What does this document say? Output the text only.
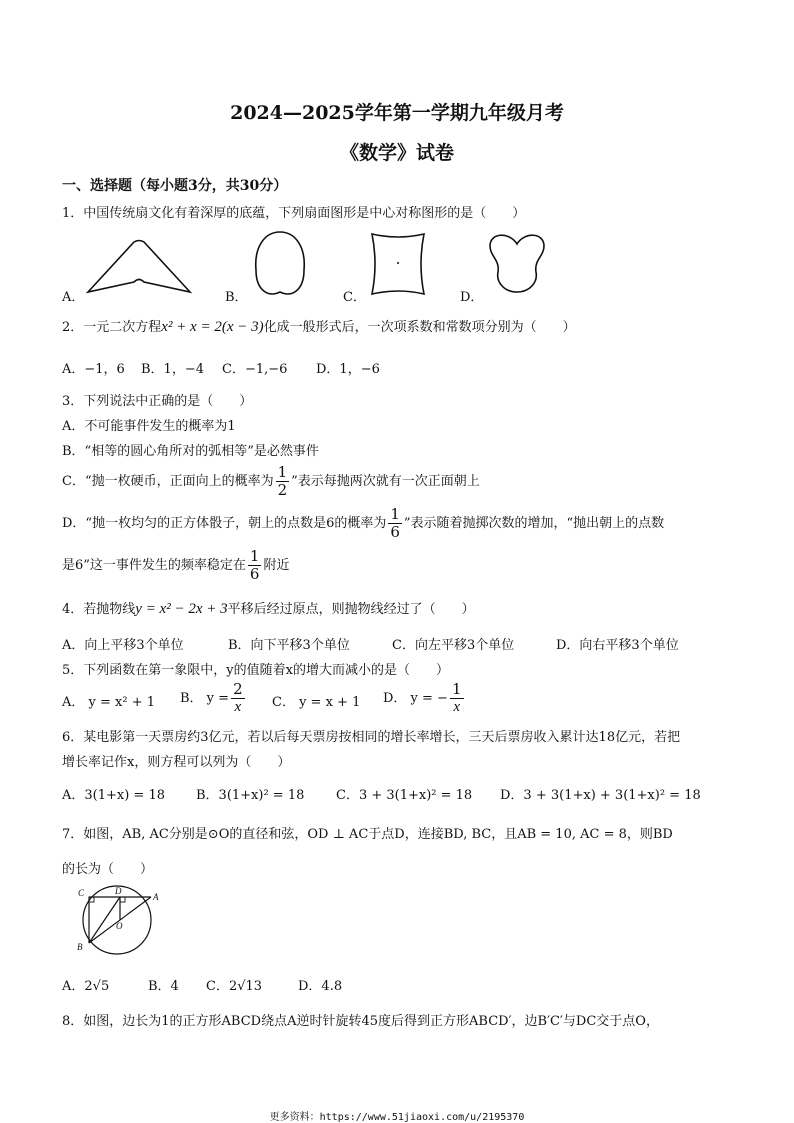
2024—2025学年第一学期九年级月考
《数学》试卷
一、选择题（每小题3分，共30分）
1．中国传统扇文化有着深厚的底蕴，下列扇面图形是中心对称图形的是（　　）
A．	B．	C．	D．
2．一元二次方程x² + x = 2(x − 3)化成一般形式后，一次项系数和常数项分别为（　　）
A．−1，6 B．1，−4 C．−1,−6 D．1，−6
3．下列说法中正确的是（　　）
A．不可能事件发生的概率为1
B．“相等的圆心角所对的弧相等”是必然事件
C．“抛一枚硬币，正面向上的概率为 $\frac{1}{2}$ ”表示每抛两次就有一次正面朝上
D．“抛一枚均匀的正方体骰子，朝上的点数是6的概率为 $\frac{1}{6}$ ”表示随着抛掷次数的增加，“抛出朝上的点数
是6”这一事件发生的频率稳定在 $\frac{1}{6}$ 附近
4．若抛物线y = x² − 2x + 3平移后经过原点，则抛物线经过了（　　）
A．向上平移3个单位	B．向下平移3个单位	C．向左平移3个单位	D．向右平移3个单位
5．下列函数在第一象限中，y的值随着x的增大而减小的是（　　）
A． y = x² + 1 B． $y = \frac{2}{x}$ C． y = x + 1 D． y = − $\frac{1}{x}$
6．某电影第一天票房约3亿元，若以后每天票房按相同的增长率增长，三天后票房收入累计达18亿元，若把
增长率记作x，则方程可以列为（　　）
A．3(1+x) = 18 B．3(1+x)² = 18 C．3 + 3(1+x)² = 18 D．3 + 3(1+x) + 3(1+x)² = 18
7．如图，AB, AC分别是⊙O的直径和弦，OD ⊥ AC于点D，连接BD, BC，且AB = 10, AC = 8，则BD
的长为（　　）
C	D
A
O
B
A．2√5	B．4 C．2√13	D．4.8
8．如图，边长为1的正方形ABCD绕点A逆时针旋转45度后得到正方形ABCD′，边B′C′与DC交于点O，
更多资料：https://www.51jiaoxi.com/u/2195370
